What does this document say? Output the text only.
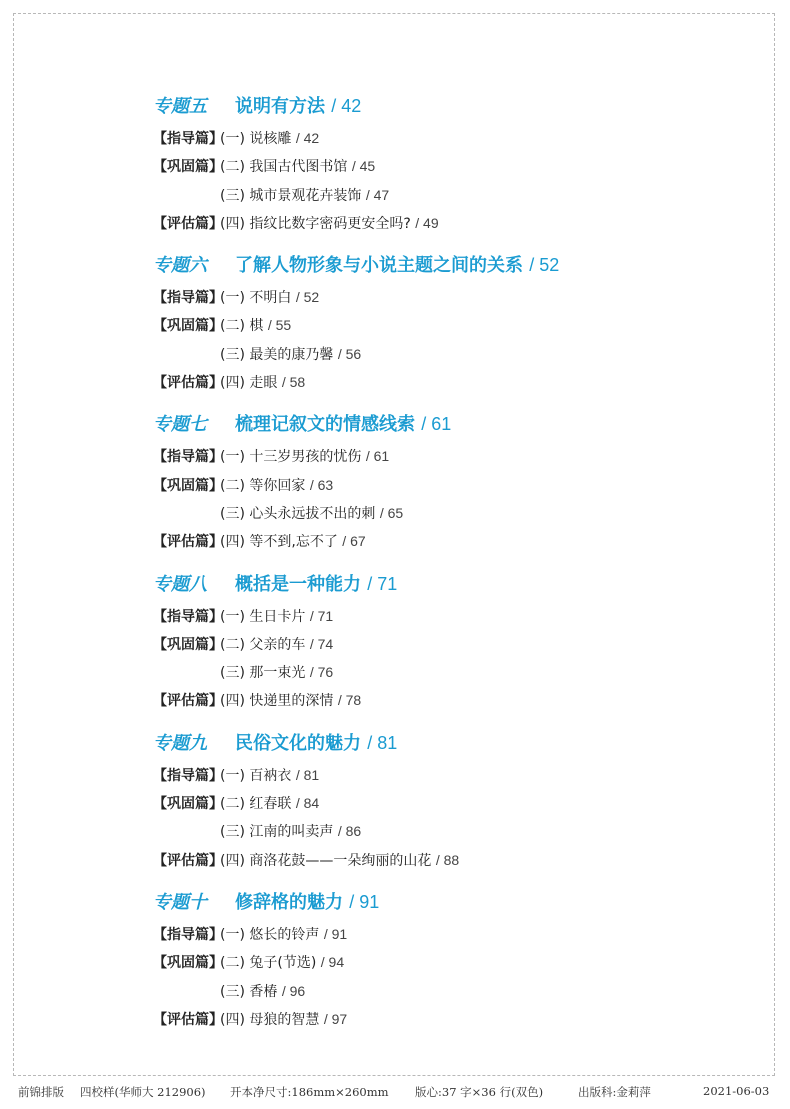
专题五 说明有方法 / 42
【指导篇】(一) 说核雕 / 42
【巩固篇】(二) 我国古代图书馆 / 45
(三) 城市景观花卉装饰 / 47
【评估篇】(四) 指纹比数字密码更安全吗? / 49
专题六 了解人物形象与小说主题之间的关系 / 52
【指导篇】(一) 不明白 / 52
【巩固篇】(二) 棋 / 55
(三) 最美的康乃馨 / 56
【评估篇】(四) 走眼 / 58
专题七 梳理记叙文的情感线索 / 61
【指导篇】(一) 十三岁男孩的忧伤 / 61
【巩固篇】(二) 等你回家 / 63
(三) 心头永远拔不出的刺 / 65
【评估篇】(四) 等不到,忘不了 / 67
专题八 概括是一种能力 / 71
【指导篇】(一) 生日卡片 / 71
【巩固篇】(二) 父亲的车 / 74
(三) 那一束光 / 76
【评估篇】(四) 快递里的深情 / 78
专题九 民俗文化的魅力 / 81
【指导篇】(一) 百衲衣 / 81
【巩固篇】(二) 红春联 / 84
(三) 江南的叫卖声 / 86
【评估篇】(四) 商洛花鼓——一朵绚丽的山花 / 88
专题十 修辞格的魅力 / 91
【指导篇】(一) 悠长的铃声 / 91
【巩固篇】(二) 兔子(节选) / 94
(三) 香椿 / 96
【评估篇】(四) 母狼的智慧 / 97
前锦排版 四校样(华师大 212906) 开本净尺寸:186mm×260mm 版心:37 字×36 行(双色)	出版科:金莉萍	2021-06-03
